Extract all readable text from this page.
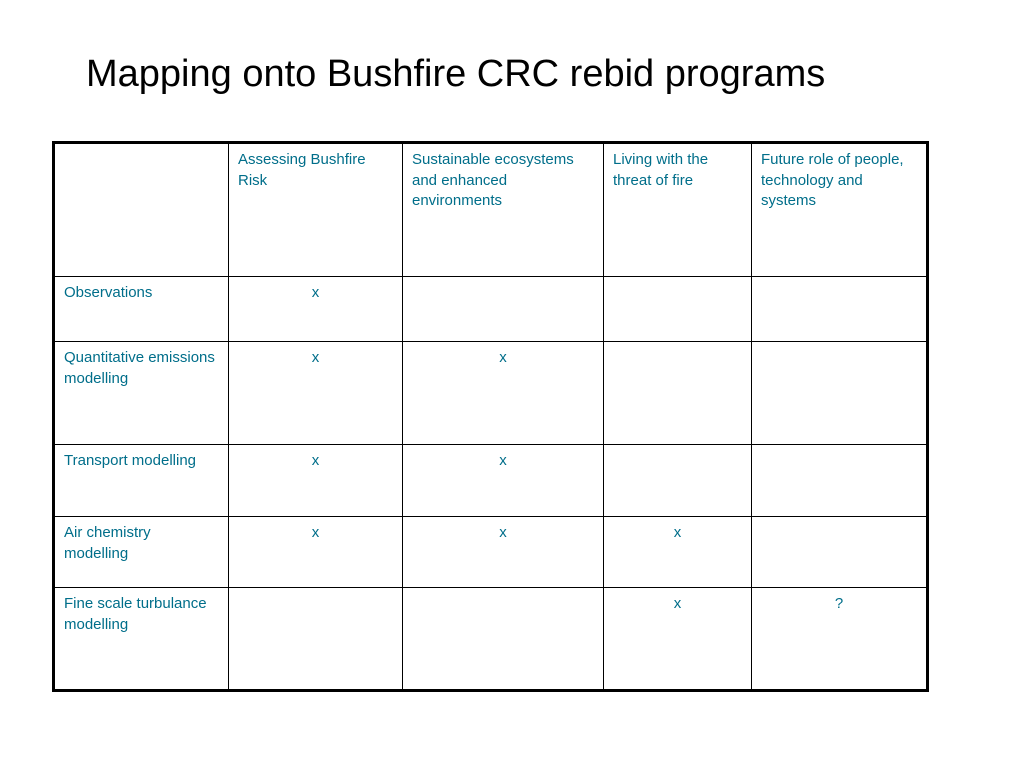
Mapping onto Bushfire CRC rebid programs
	Assessing Bushfire Risk	Sustainable ecosystems and enhanced environments	Living with the threat of fire	Future role of people, technology and systems
Observations	x			
Quantitative emissions modelling	x	x		
Transport modelling	x	x		
Air chemistry modelling	x	x	x	
Fine scale turbulance modelling			x	?
